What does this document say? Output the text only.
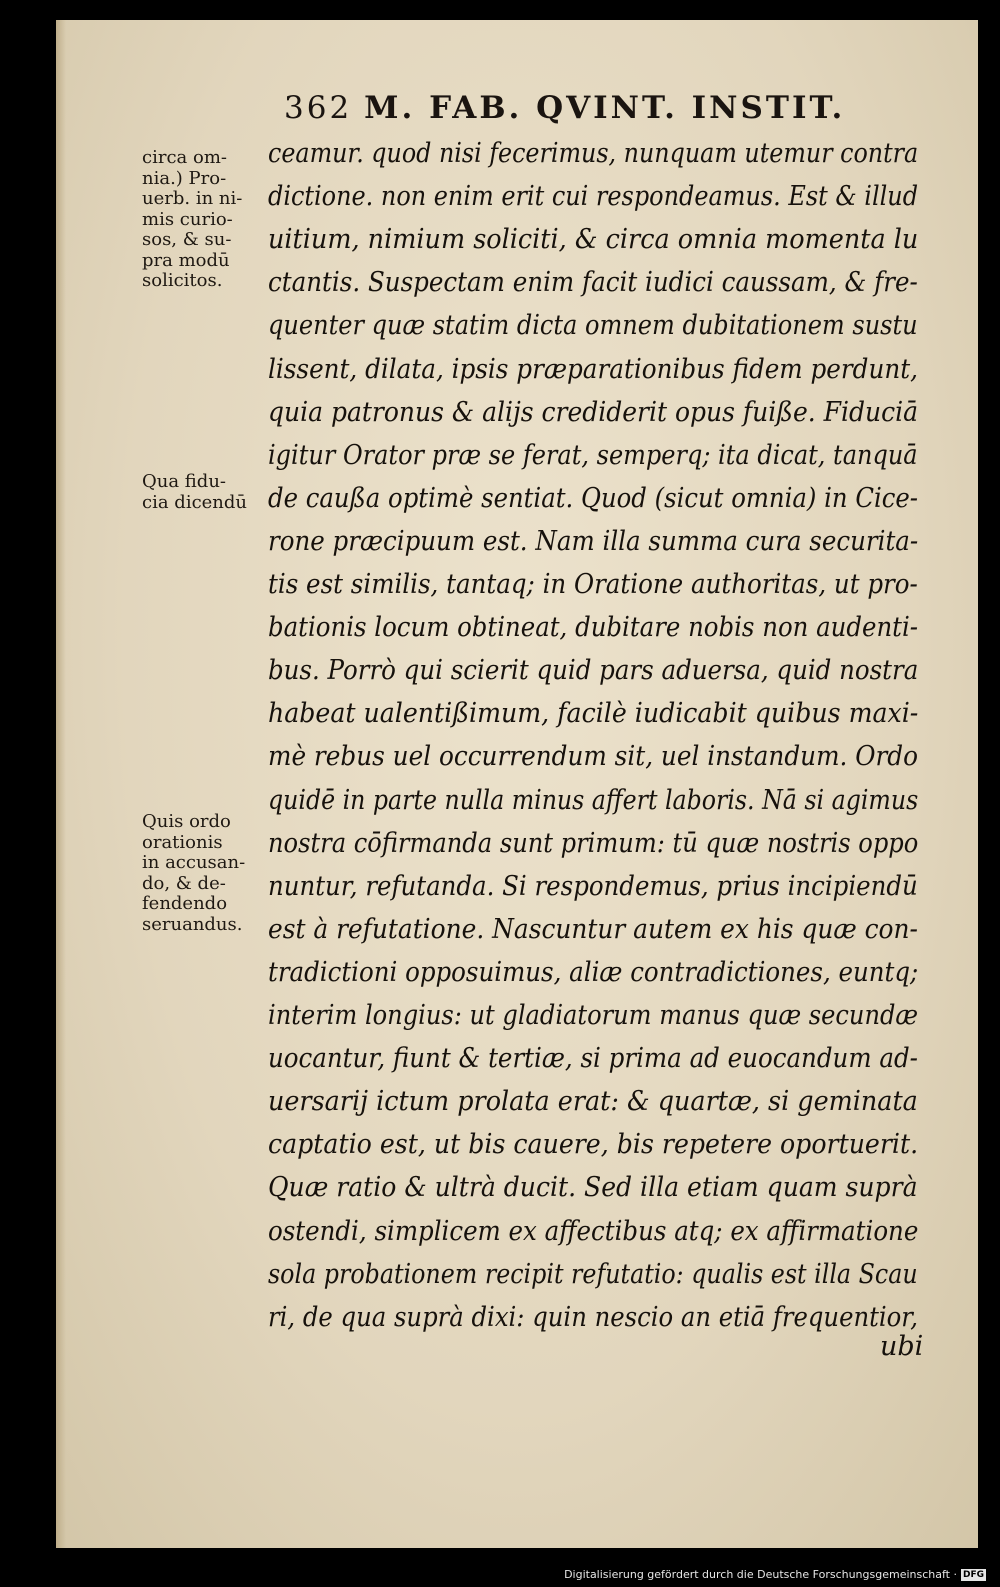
362 M. FAB. QVINT. INSTIT.
circa om-
nia.) Pro-
uerb. in ni-
mis curio-
sos, & su-
pra modū
solicitos.
Qua fidu-
cia dicendū
Quis ordo
orationis
in accusan-
do, & de-
fendendo
seruandus.
ceamur. quod nisi fecerimus, nunquam utemur contra
dictione. non enim erit cui respondeamus. Est & illud
uitium, nimium soliciti, & circa omnia momenta lu
ctantis. Suspectam enim facit iudici caussam, & fre-
quenter quæ statim dicta omnem dubitationem sustu
lissent, dilata, ipsis præparationibus fidem perdunt,
quia patronus & alijs crediderit opus fuiße. Fiduciā
igitur Orator præ se ferat, semperq; ita dicat, tanquā
de caußa optimè sentiat. Quod (sicut omnia) in Cice-
rone præcipuum est. Nam illa summa cura securita-
tis est similis, tantaq; in Oratione authoritas, ut pro-
bationis locum obtineat, dubitare nobis non audenti-
bus. Porrò qui scierit quid pars aduersa, quid nostra
habeat ualentißimum, facilè iudicabit quibus maxi-
mè rebus uel occurrendum sit, uel instandum. Ordo
quidē in parte nulla minus affert laboris. Nā si agimus
nostra cōfirmanda sunt primum: tū quæ nostris oppo
nuntur, refutanda. Si respondemus, prius incipiendū
est à refutatione. Nascuntur autem ex his quæ con-
tradictioni opposuimus, aliæ contradictiones, euntq;
interim longius: ut gladiatorum manus quæ secundæ
uocantur, fiunt & tertiæ, si prima ad euocandum ad-
uersarij ictum prolata erat: & quartæ, si geminata
captatio est, ut bis cauere, bis repetere oportuerit.
Quæ ratio & ultrà ducit. Sed illa etiam quam suprà
ostendi, simplicem ex affectibus atq; ex affirmatione
sola probationem recipit refutatio: qualis est illa Scau
ri, de qua suprà dixi: quin nescio an etiā frequentior,
ubi
Digitalisierung gefördert durch die Deutsche Forschungsgemeinschaft · DFG
